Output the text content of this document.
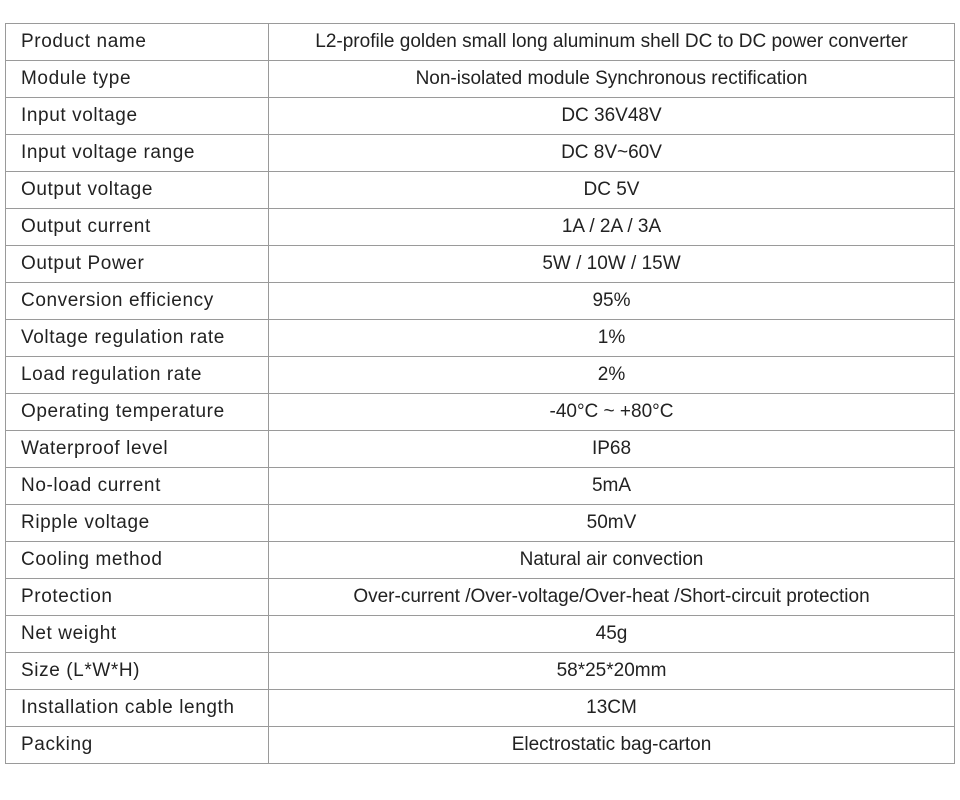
Product name	L2-profile golden small long aluminum shell DC to DC power converter
Module type	Non-isolated module Synchronous rectification
Input voltage	DC 36V48V
Input voltage range	DC 8V~60V
Output voltage	DC 5V
Output current	1A / 2A / 3A
Output Power	5W / 10W / 15W
Conversion efficiency	95%
Voltage regulation rate	1%
Load regulation rate	2%
Operating temperature	-40°C ~ +80°C
Waterproof level	IP68
No-load current	5mA
Ripple voltage	50mV
Cooling method	Natural air convection
Protection	Over-current /Over-voltage/Over-heat /Short-circuit protection
Net weight	45g
Size (L*W*H)	58*25*20mm
Installation cable length	13CM
Packing	Electrostatic bag-carton
